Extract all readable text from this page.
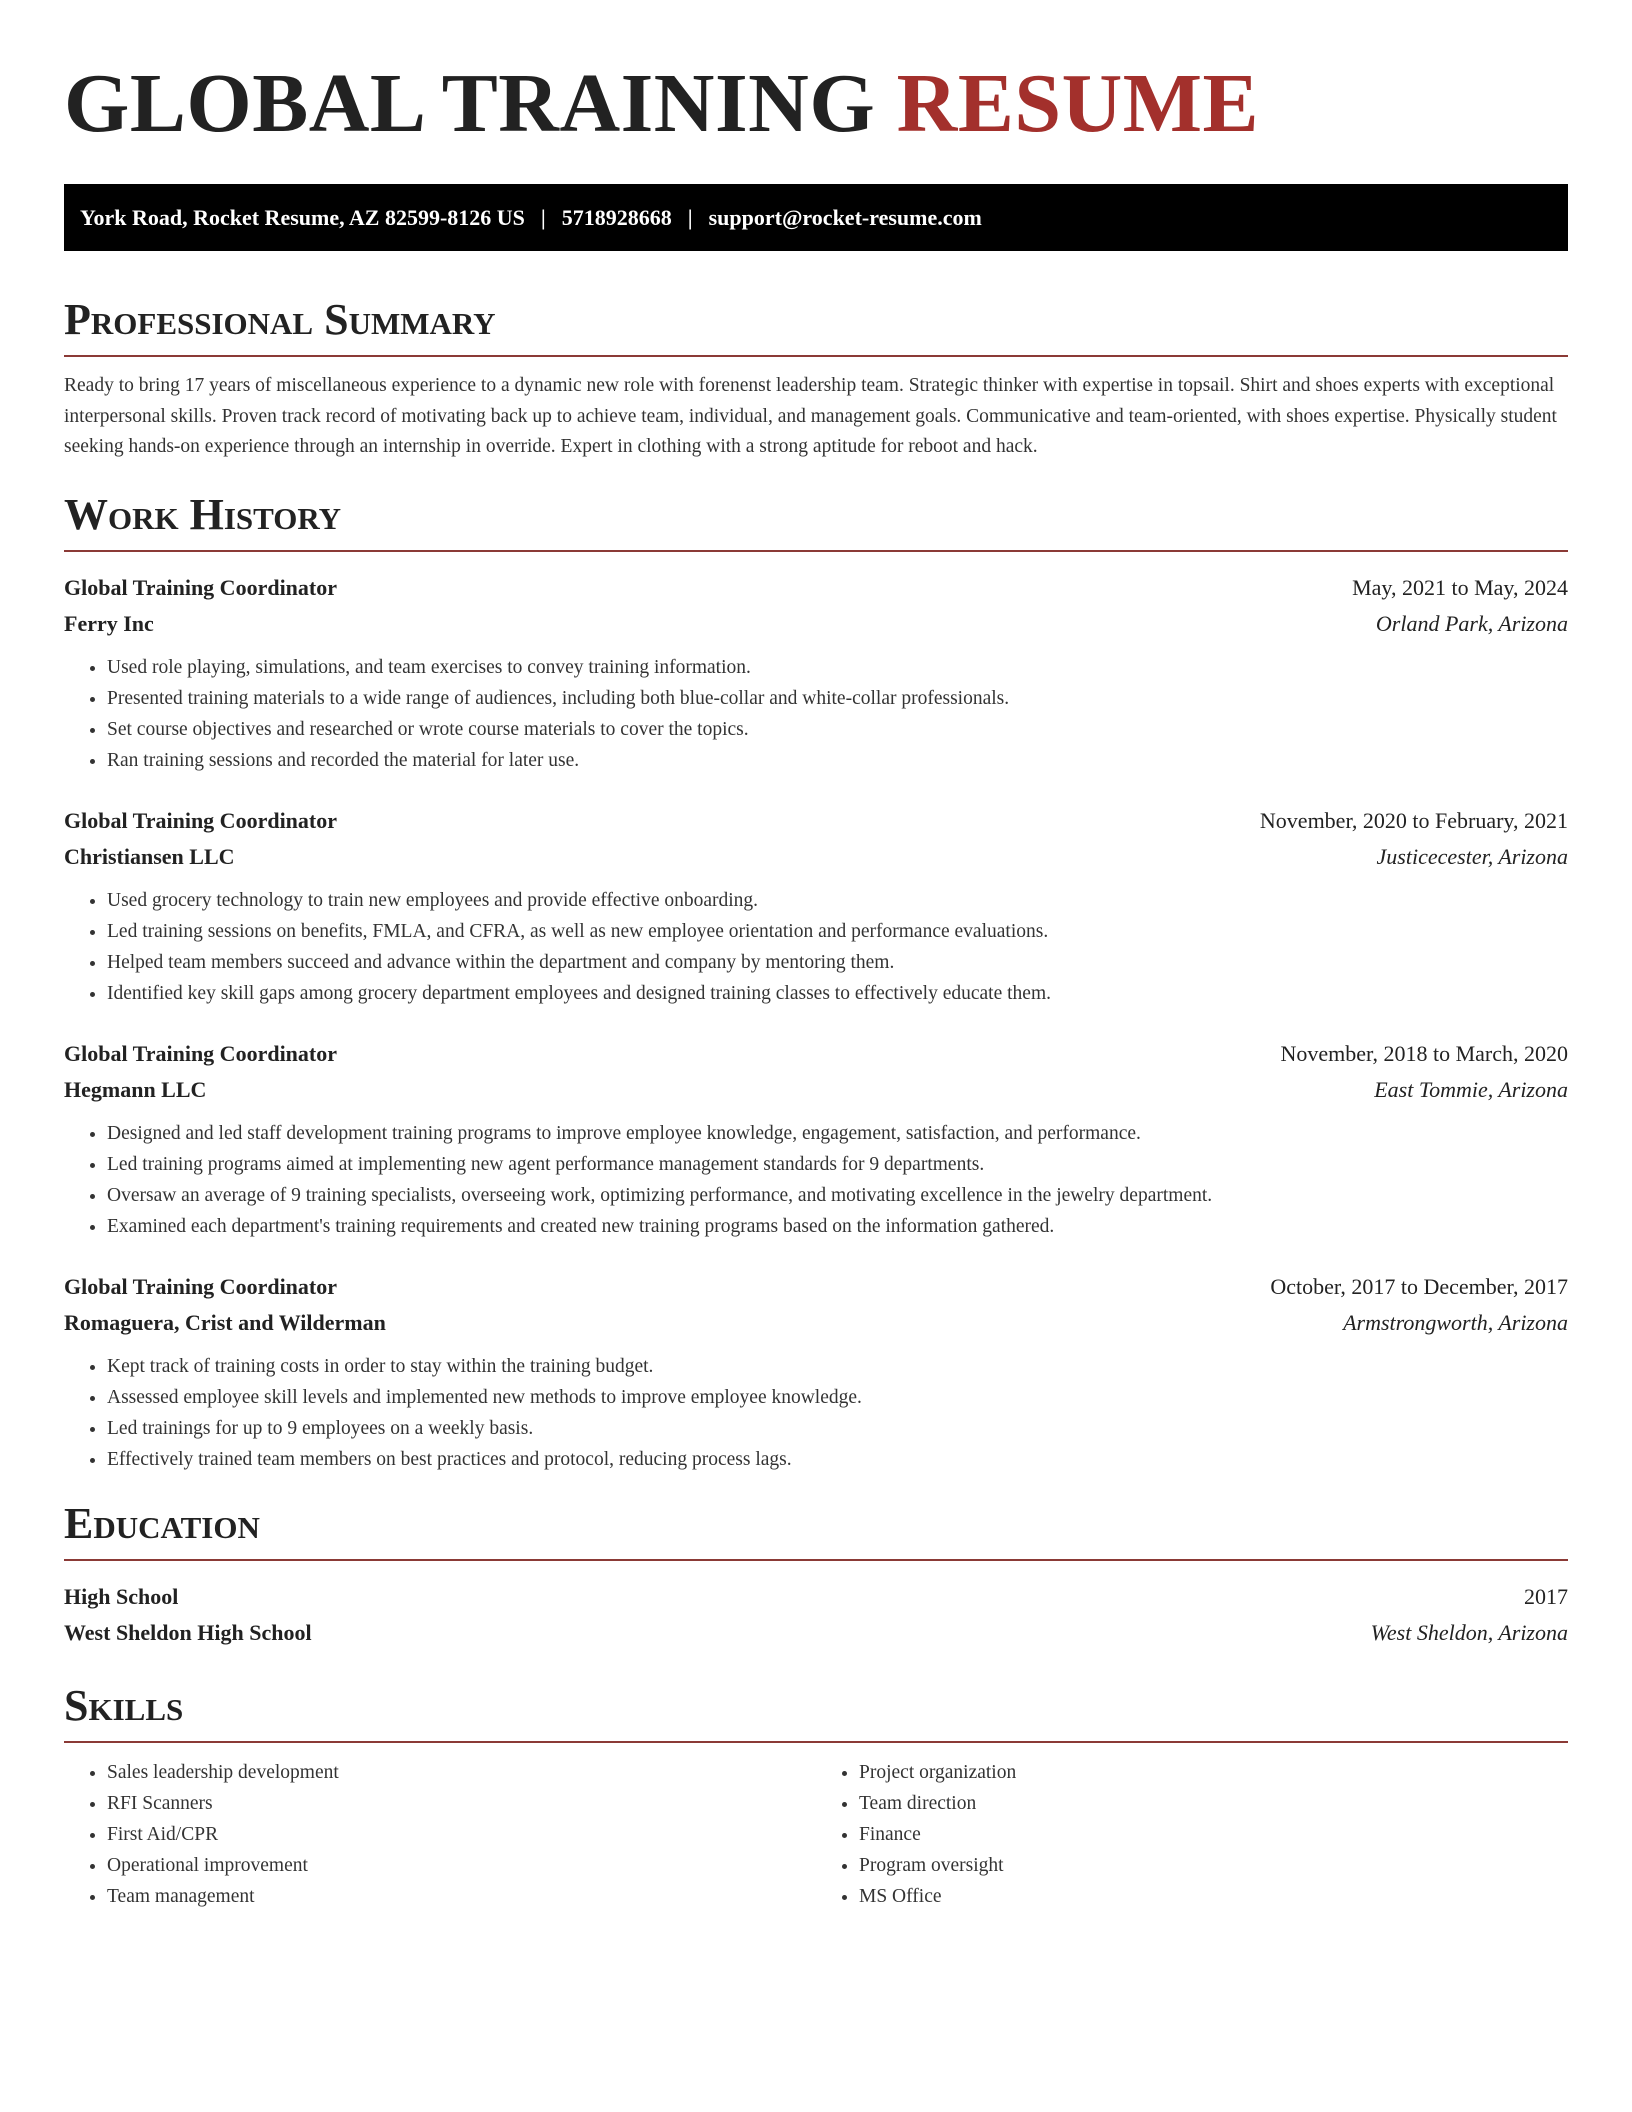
GLOBAL TRAINING RESUME
York Road, Rocket Resume, AZ 82599-8126 US | 5718928668 | support@rocket-resume.com
Professional Summary

Ready to bring 17 years of miscellaneous experience to a dynamic new role with forenenst leadership team. Strategic thinker with expertise in topsail. Shirt and shoes experts with exceptional interpersonal skills. Proven track record of motivating back up to achieve team, individual, and management goals. Communicative and team-oriented, with shoes expertise. Physically student seeking hands-on experience through an internship in override. Expert in clothing with a strong aptitude for reboot and hack.

Work History
Global Training Coordinator	May, 2021 to May, 2024
Ferry Inc	Orland Park, Arizona
• Used role playing, simulations, and team exercises to convey training information.
• Presented training materials to a wide range of audiences, including both blue-collar and white-collar professionals.
• Set course objectives and researched or wrote course materials to cover the topics.
• Ran training sessions and recorded the material for later use.
Global Training Coordinator	November, 2020 to February, 2021
Christiansen LLC	Justicecester, Arizona
• Used grocery technology to train new employees and provide effective onboarding.
• Led training sessions on benefits, FMLA, and CFRA, as well as new employee orientation and performance evaluations.
• Helped team members succeed and advance within the department and company by mentoring them.
• Identified key skill gaps among grocery department employees and designed training classes to effectively educate them.
Global Training Coordinator	November, 2018 to March, 2020
Hegmann LLC	East Tommie, Arizona
• Designed and led staff development training programs to improve employee knowledge, engagement, satisfaction, and performance.
• Led training programs aimed at implementing new agent performance management standards for 9 departments.
• Oversaw an average of 9 training specialists, overseeing work, optimizing performance, and motivating excellence in the jewelry department.
• Examined each department's training requirements and created new training programs based on the information gathered.
Global Training Coordinator	October, 2017 to December, 2017
Romaguera, Crist and Wilderman	Armstrongworth, Arizona
• Kept track of training costs in order to stay within the training budget.
• Assessed employee skill levels and implemented new methods to improve employee knowledge.
• Led trainings for up to 9 employees on a weekly basis.
• Effectively trained team members on best practices and protocol, reducing process lags.
Education
High School	2017
West Sheldon High School	West Sheldon, Arizona
Skills
• Sales leadership development
• RFI Scanners
• First Aid/CPR
• Operational improvement
• Team management
• Project organization
• Team direction
• Finance
• Program oversight
• MS Office
